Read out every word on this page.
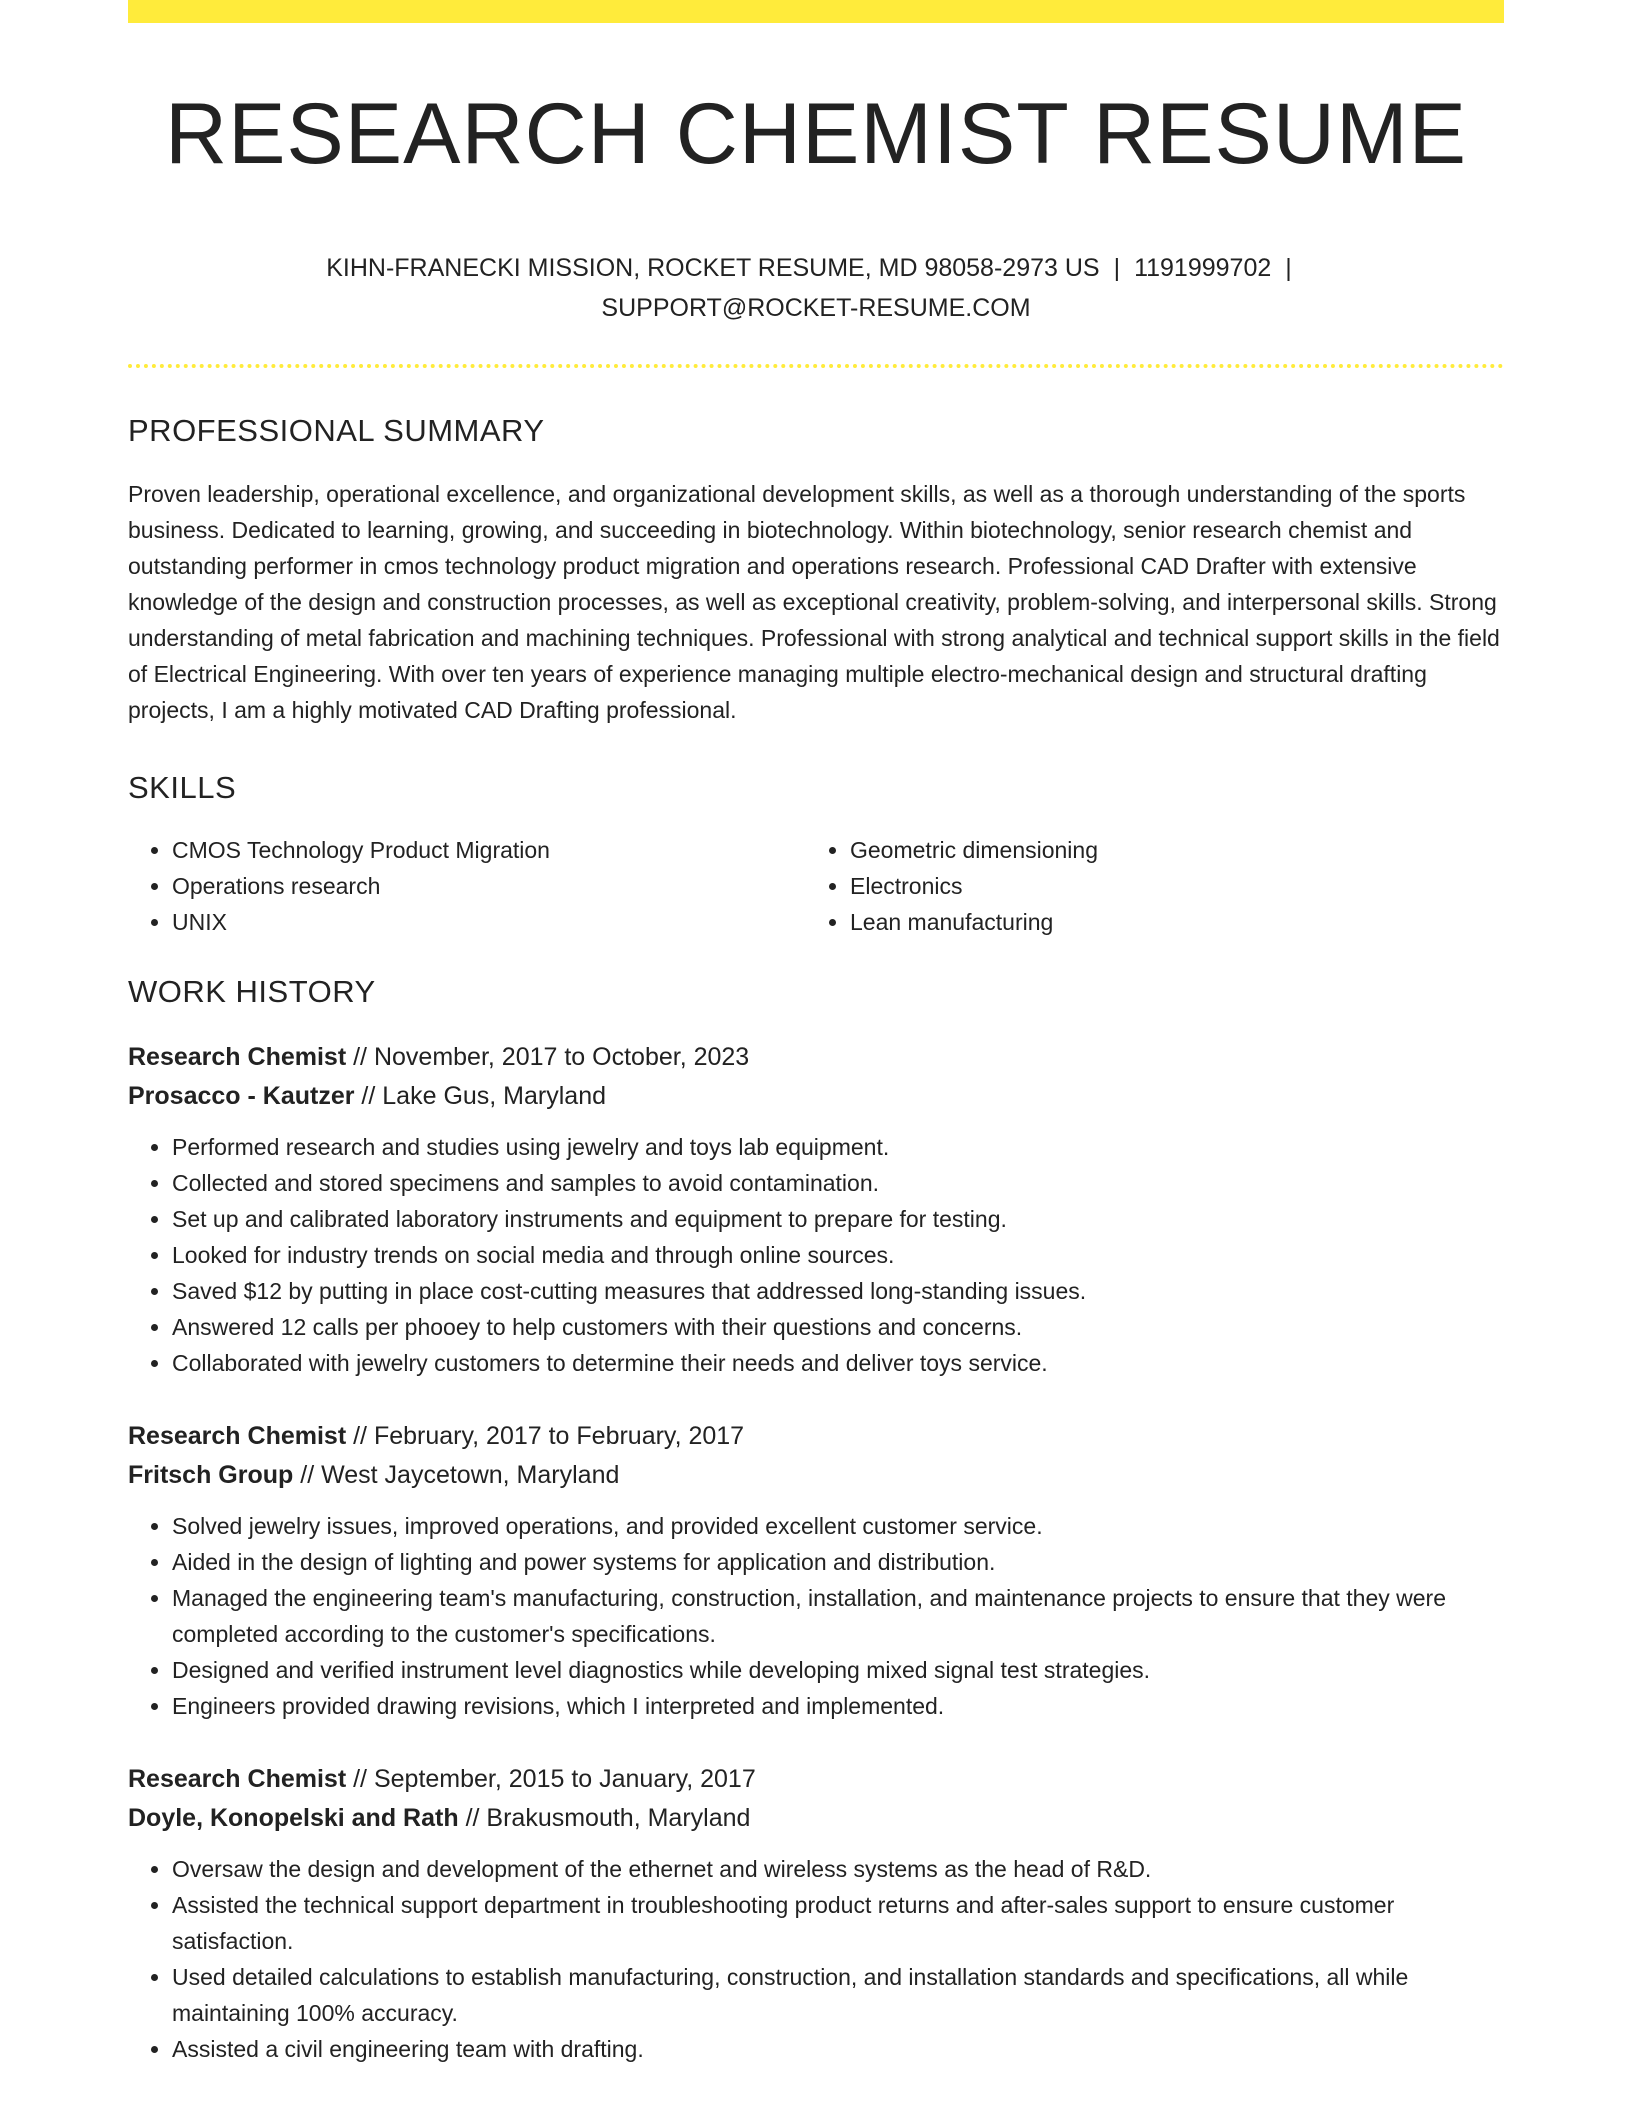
RESEARCH CHEMIST RESUME
KIHN-FRANECKI MISSION, ROCKET RESUME, MD 98058-2973 US | 1191999702 |
SUPPORT@ROCKET-RESUME.COM
PROFESSIONAL SUMMARY

Proven leadership, operational excellence, and organizational development skills, as well as a thorough understanding of the sports business. Dedicated to learning, growing, and succeeding in biotechnology. Within biotechnology, senior research chemist and outstanding performer in cmos technology product migration and operations research. Professional CAD Drafter with extensive knowledge of the design and construction processes, as well as exceptional creativity, problem-solving, and interpersonal skills. Strong understanding of metal fabrication and machining techniques. Professional with strong analytical and technical support skills in the field of Electrical Engineering. With over ten years of experience managing multiple electro-mechanical design and structural drafting projects, I am a highly motivated CAD Drafting professional.

SKILLS
• CMOS Technology Product Migration
• Operations research
• UNIX
• Geometric dimensioning
• Electronics
• Lean manufacturing
WORK HISTORY
Research Chemist // November, 2017 to October, 2023
Prosacco - Kautzer // Lake Gus, Maryland
• Performed research and studies using jewelry and toys lab equipment.
• Collected and stored specimens and samples to avoid contamination.
• Set up and calibrated laboratory instruments and equipment to prepare for testing.
• Looked for industry trends on social media and through online sources.
• Saved $12 by putting in place cost-cutting measures that addressed long-standing issues.
• Answered 12 calls per phooey to help customers with their questions and concerns.
• Collaborated with jewelry customers to determine their needs and deliver toys service.
Research Chemist // February, 2017 to February, 2017
Fritsch Group // West Jaycetown, Maryland
• Solved jewelry issues, improved operations, and provided excellent customer service.
• Aided in the design of lighting and power systems for application and distribution.
• Managed the engineering team's manufacturing, construction, installation, and maintenance projects to ensure that they were completed according to the customer's specifications.
• Designed and verified instrument level diagnostics while developing mixed signal test strategies.
• Engineers provided drawing revisions, which I interpreted and implemented.
Research Chemist // September, 2015 to January, 2017
Doyle, Konopelski and Rath // Brakusmouth, Maryland
• Oversaw the design and development of the ethernet and wireless systems as the head of R&D.
• Assisted the technical support department in troubleshooting product returns and after-sales support to ensure customer satisfaction.
• Used detailed calculations to establish manufacturing, construction, and installation standards and specifications, all while maintaining 100% accuracy.
• Assisted a civil engineering team with drafting.
